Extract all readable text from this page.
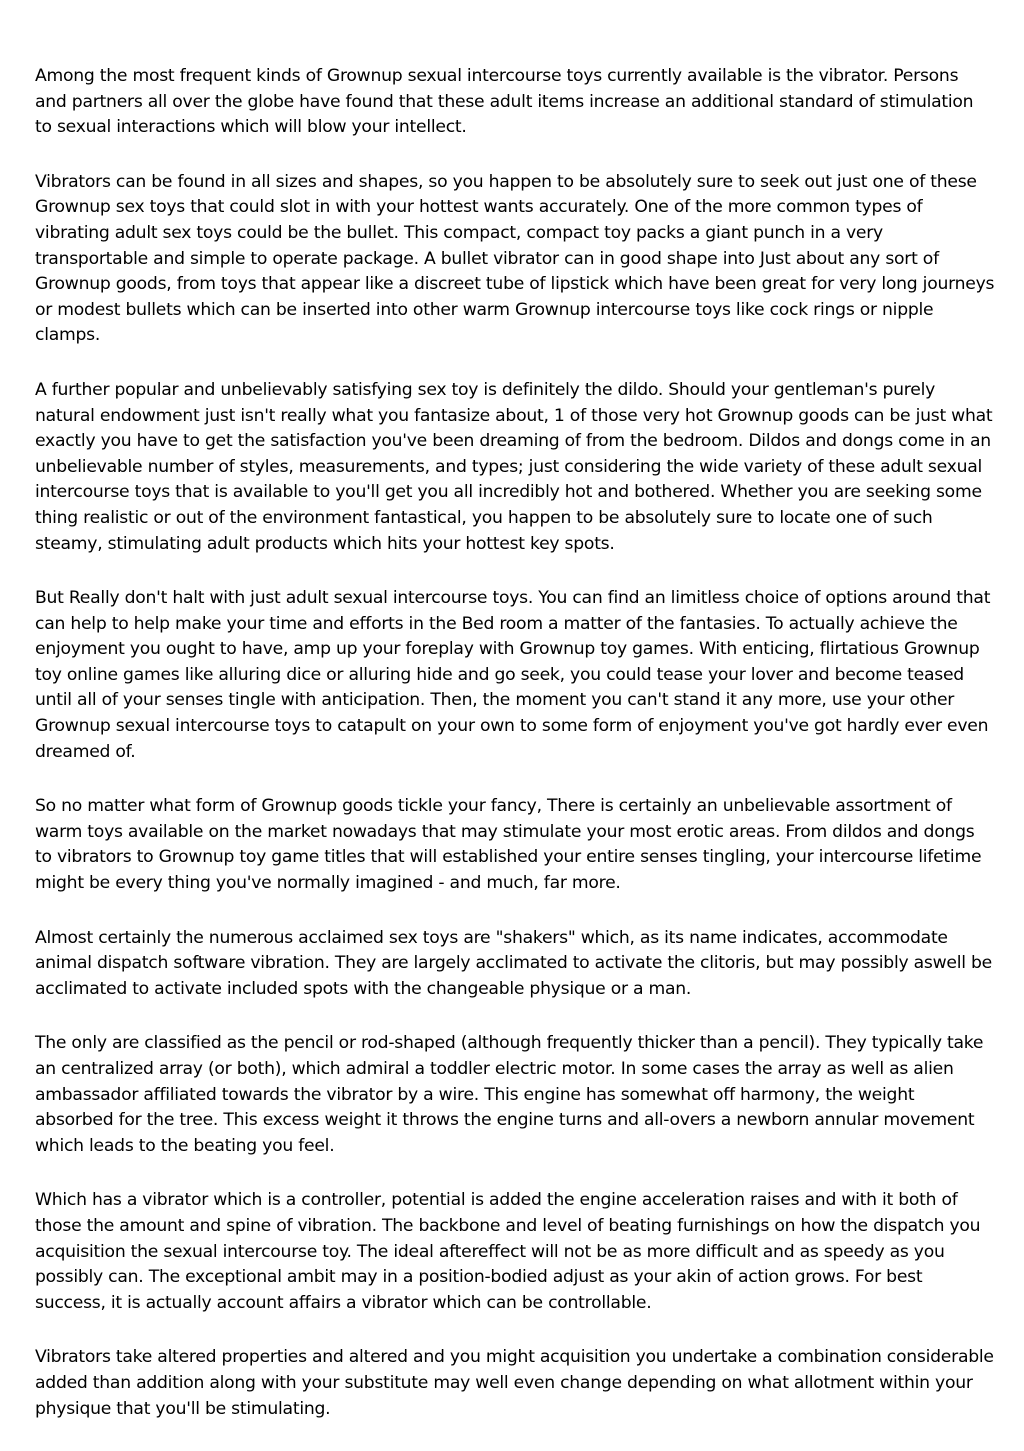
Among the most frequent kinds of Grownup sexual intercourse toys currently available is the vibrator. Persons and partners all over the globe have found that these adult items increase an additional standard of stimulation to sexual interactions which will blow your intellect.

Vibrators can be found in all sizes and shapes, so you happen to be absolutely sure to seek out just one of these Grownup sex toys that could slot in with your hottest wants accurately. One of the more common types of vibrating adult sex toys could be the bullet. This compact, compact toy packs a giant punch in a very transportable and simple to operate package. A bullet vibrator can in good shape into Just about any sort of Grownup goods, from toys that appear like a discreet tube of lipstick which have been great for very long journeys or modest bullets which can be inserted into other warm Grownup intercourse toys like cock rings or nipple clamps.

A further popular and unbelievably satisfying sex toy is definitely the dildo. Should your gentleman's purely natural endowment just isn't really what you fantasize about, 1 of those very hot Grownup goods can be just what exactly you have to get the satisfaction you've been dreaming of from the bedroom. Dildos and dongs come in an unbelievable number of styles, measurements, and types; just considering the wide variety of these adult sexual intercourse toys that is available to you'll get you all incredibly hot and bothered. Whether you are seeking some thing realistic or out of the environment fantastical, you happen to be absolutely sure to locate one of such steamy, stimulating adult products which hits your hottest key spots.

But Really don't halt with just adult sexual intercourse toys. You can find an limitless choice of options around that can help to help make your time and efforts in the Bed room a matter of the fantasies. To actually achieve the enjoyment you ought to have, amp up your foreplay with Grownup toy games. With enticing, flirtatious Grownup toy online games like alluring dice or alluring hide and go seek, you could tease your lover and become teased until all of your senses tingle with anticipation. Then, the moment you can't stand it any more, use your other Grownup sexual intercourse toys to catapult on your own to some form of enjoyment you've got hardly ever even dreamed of.

So no matter what form of Grownup goods tickle your fancy, There is certainly an unbelievable assortment of warm toys available on the market nowadays that may stimulate your most erotic areas. From dildos and dongs to vibrators to Grownup toy game titles that will established your entire senses tingling, your intercourse lifetime might be every thing you've normally imagined - and much, far more.

Almost certainly the numerous acclaimed sex toys are "shakers" which, as its name indicates, accommodate animal dispatch software vibration. They are largely acclimated to activate the clitoris, but may possibly aswell be acclimated to activate included spots with the changeable physique or a man.

The only are classified as the pencil or rod-shaped (although frequently thicker than a pencil). They typically take an centralized array (or both), which admiral a toddler electric motor. In some cases the array as well as alien ambassador affiliated towards the vibrator by a wire. This engine has somewhat off harmony, the weight absorbed for the tree. This excess weight it throws the engine turns and all-overs a newborn annular movement which leads to the beating you feel.

Which has a vibrator which is a controller, potential is added the engine acceleration raises and with it both of those the amount and spine of vibration. The backbone and level of beating furnishings on how the dispatch you acquisition the sexual intercourse toy. The ideal aftereffect will not be as more difficult and as speedy as you possibly can. The exceptional ambit may in a position-bodied adjust as your akin of action grows. For best success, it is actually account affairs a vibrator which can be controllable.

Vibrators take altered properties and altered and you might acquisition you undertake a combination considerable added than addition along with your substitute may well even change depending on what allotment within your physique that you'll be stimulating.
